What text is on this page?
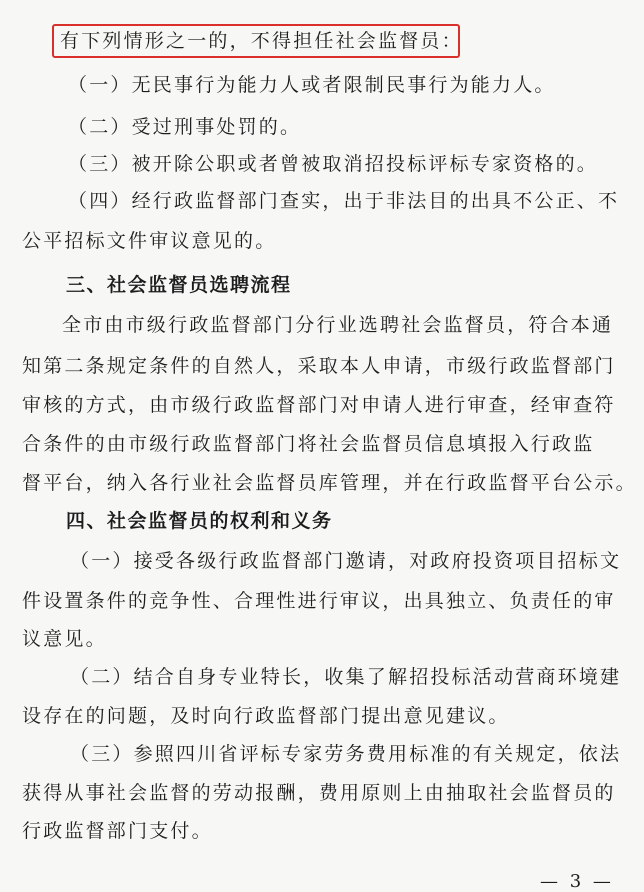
有下列情形之一的，不得担任社会监督员：
（一）无民事行为能力人或者限制民事行为能力人。
（二）受过刑事处罚的。
（三）被开除公职或者曾被取消招投标评标专家资格的。
（四）经行政监督部门查实，出于非法目的出具不公正、不
公平招标文件审议意见的。
三、社会监督员选聘流程
全市由市级行政监督部门分行业选聘社会监督员，符合本通
知第二条规定条件的自然人，采取本人申请，市级行政监督部门
审核的方式，由市级行政监督部门对申请人进行审查，经审查符
合条件的由市级行政监督部门将社会监督员信息填报入行政监
督平台，纳入各行业社会监督员库管理，并在行政监督平台公示。
四、社会监督员的权利和义务
（一）接受各级行政监督部门邀请，对政府投资项目招标文
件设置条件的竞争性、合理性进行审议，出具独立、负责任的审
议意见。
（二）结合自身专业特长，收集了解招投标活动营商环境建
设存在的问题，及时向行政监督部门提出意见建议。
（三）参照四川省评标专家劳务费用标准的有关规定，依法
获得从事社会监督的劳动报酬，费用原则上由抽取社会监督员的
行政监督部门支付。
— 3 —
